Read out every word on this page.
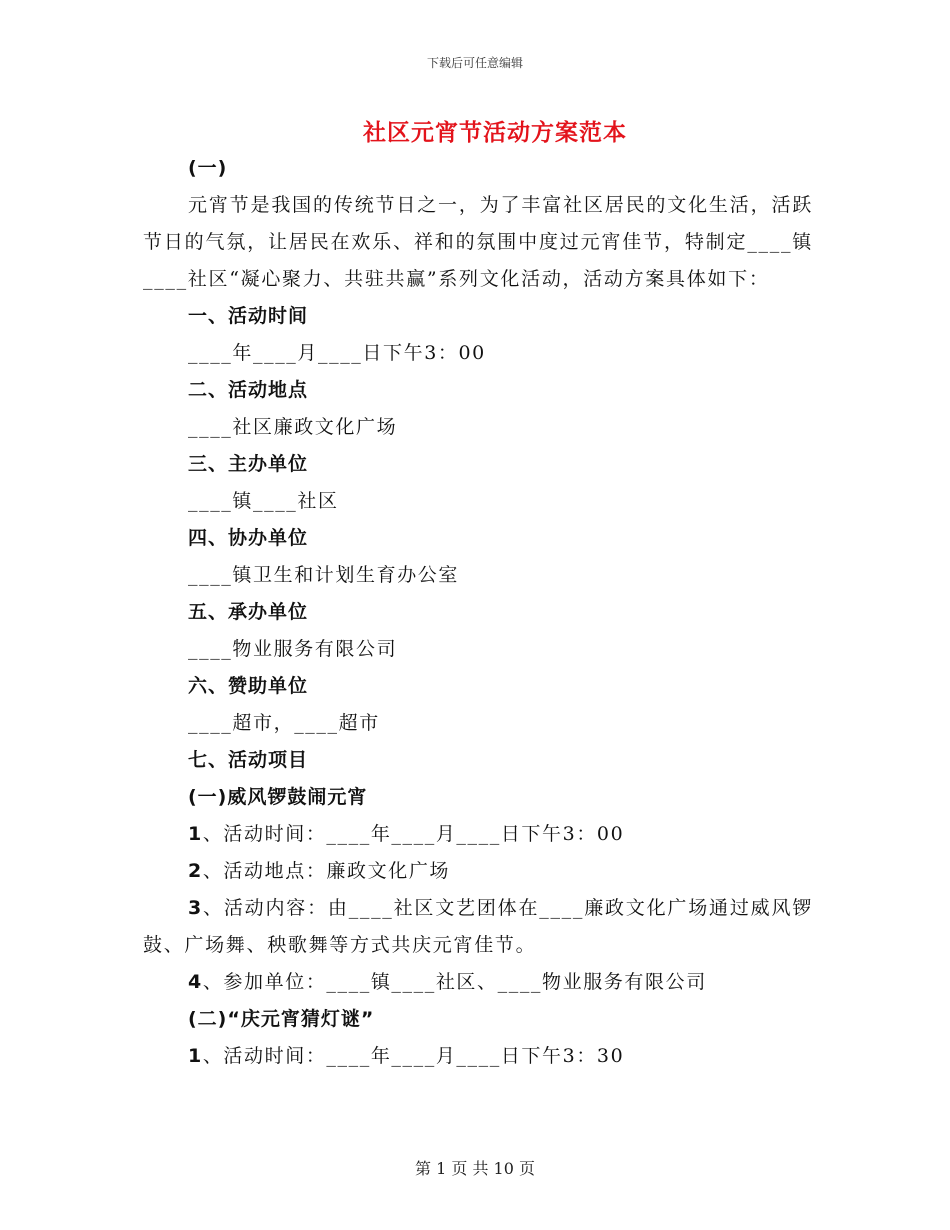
下载后可任意编辑
社区元宵节活动方案范本

(一)

元宵节是我国的传统节日之一，为了丰富社区居民的文化生活，活跃节日的气氛，让居民在欢乐、祥和的氛围中度过元宵佳节，特制定____镇____社区“凝心聚力、共驻共赢”系列文化活动，活动方案具体如下：

一、活动时间

____年____月____日下午3：00

二、活动地点

____社区廉政文化广场

三、主办单位

____镇____社区

四、协办单位

____镇卫生和计划生育办公室

五、承办单位

____物业服务有限公司

六、赞助单位

____超市，____超市

七、活动项目

(一)威风锣鼓闹元宵

1、活动时间：____年____月____日下午3：00

2、活动地点：廉政文化广场

3、活动内容：由____社区文艺团体在____廉政文化广场通过威风锣鼓、广场舞、秧歌舞等方式共庆元宵佳节。

4、参加单位：____镇____社区、____物业服务有限公司

(二)“庆元宵猜灯谜”

1、活动时间：____年____月____日下午3：30

第 1 页 共 10 页
